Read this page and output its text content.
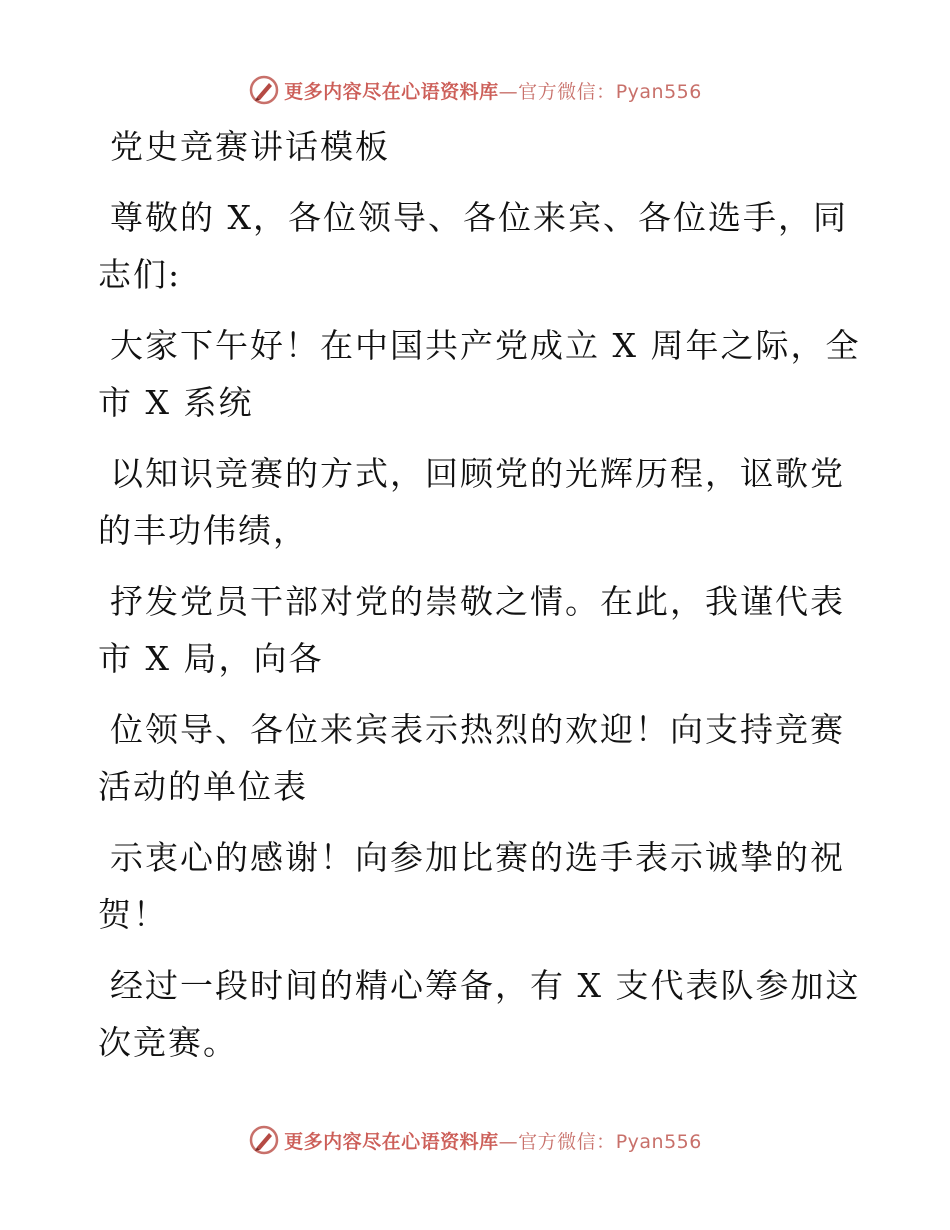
更多内容尽在心语资料库—官方微信：Pyan556
党史竞赛讲话模板
尊敬的 X，各位领导、各位来宾、各位选手，同
志们:
大家下午好！在中国共产党成立 X 周年之际，全
市 X 系统
以知识竞赛的方式，回顾党的光辉历程，讴歌党
的丰功伟绩，
抒发党员干部对党的崇敬之情。在此，我谨代表
市 X 局，向各
位领导、各位来宾表示热烈的欢迎！向支持竞赛
活动的单位表
示衷心的感谢！向参加比赛的选手表示诚挚的祝
贺！
经过一段时间的精心筹备，有 X 支代表队参加这
次竞赛。
更多内容尽在心语资料库—官方微信：Pyan556
